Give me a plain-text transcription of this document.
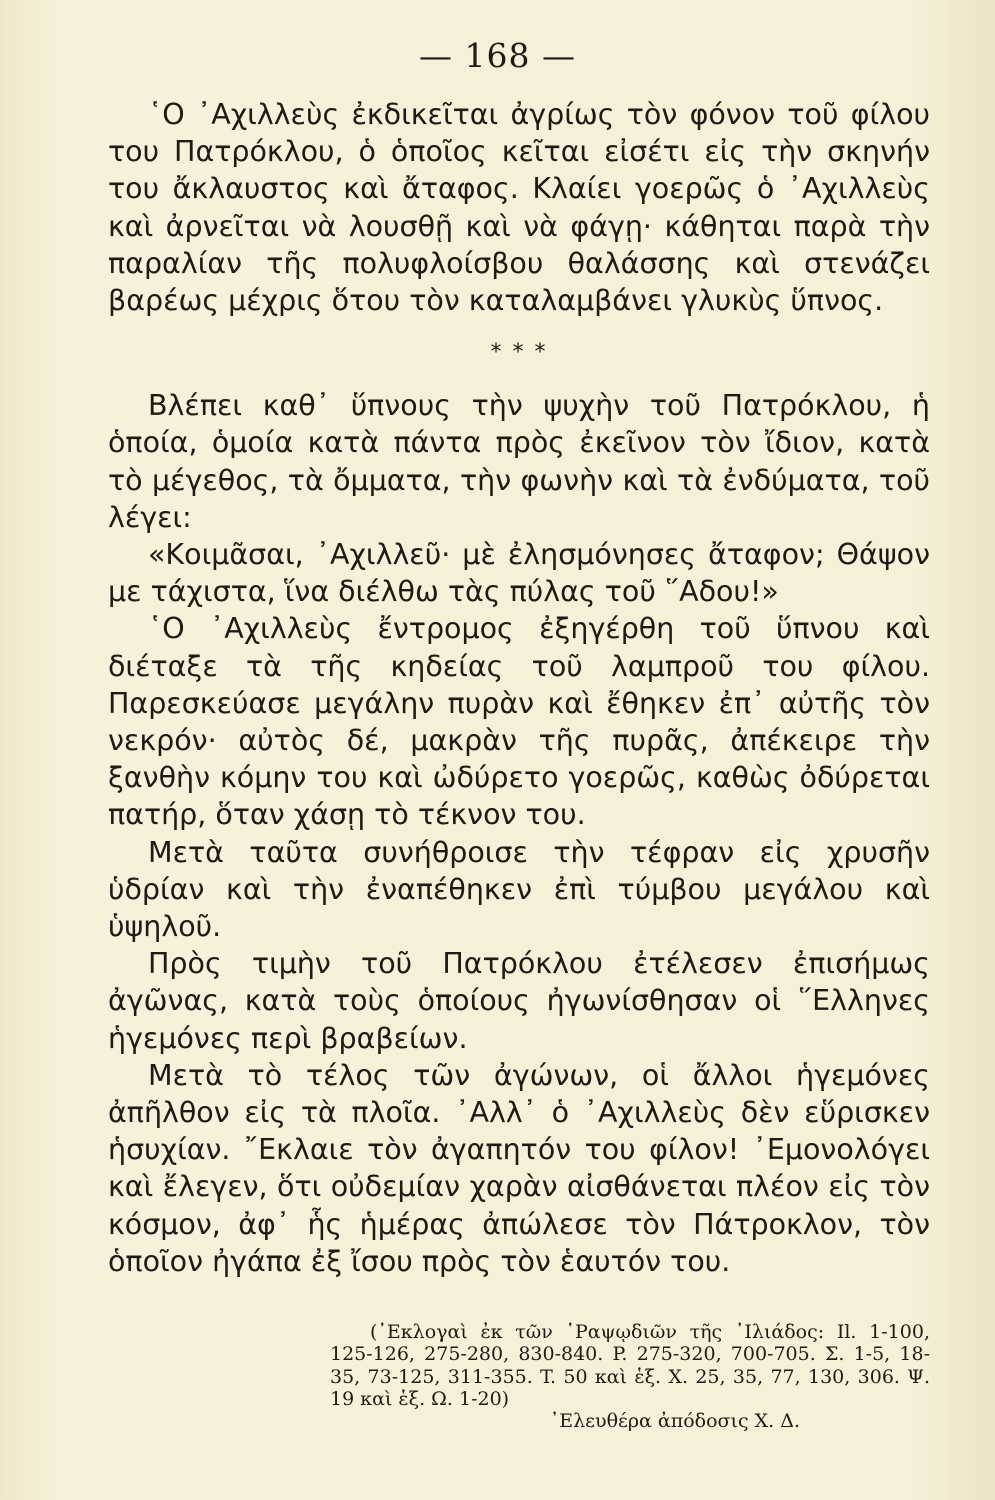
— 168 —

῾Ο ᾿Αχιλλεὺς ἐκδικεῖται ἀγρίως τὸν φόνον τοῦ φίλου του Πατρόκλου, ὁ ὁποῖος κεῖται εἰσέτι εἰς τὴν σκηνήν του ἄκλαυστος καὶ ἄταφος. Κλαίει γοερῶς ὁ ᾿Αχιλλεὺς καὶ ἀρνεῖται νὰ λουσθῇ καὶ νὰ φάγῃ· κάθηται παρὰ τὴν παραλίαν τῆς πολυφλοίσβου θαλάσσης καὶ στενάζει βαρέως μέχρις ὅτου τὸν καταλαμβάνει γλυκὺς ὕπνος.

* * *

Βλέπει καθ᾿ ὕπνους τὴν ψυχὴν τοῦ Πατρόκλου, ἡ ὁποία, ὁμοία κατὰ πάντα πρὸς ἐκεῖνον τὸν ἴδιον, κατὰ τὸ μέγεθος, τὰ ὄμματα, τὴν φωνὴν καὶ τὰ ἐνδύματα, τοῦ λέγει:

«Κοιμᾶσαι, ᾿Αχιλλεῦ· μὲ ἐλησμόνησες ἄταφον; Θάψον με τάχιστα, ἵνα διέλθω τὰς πύλας τοῦ ῞Αδου!»

῾Ο ᾿Αχιλλεὺς ἔντρομος ἐξηγέρθη τοῦ ὕπνου καὶ διέταξε τὰ τῆς κηδείας τοῦ λαμπροῦ του φίλου. Παρεσκεύασε μεγάλην πυρὰν καὶ ἔθηκεν ἐπ᾿ αὐτῆς τὸν νεκρόν· αὐτὸς δέ, μακρὰν τῆς πυρᾶς, ἀπέκειρε τὴν ξανθὴν κόμην του καὶ ὠδύρετο γοερῶς, καθὼς ὀδύρεται πατήρ, ὅταν χάσῃ τὸ τέκνον του.

Μετὰ ταῦτα συνήθροισε τὴν τέφραν εἰς χρυσῆν ὑδρίαν καὶ τὴν ἐναπέθηκεν ἐπὶ τύμβου μεγάλου καὶ ὑψηλοῦ.

Πρὸς τιμὴν τοῦ Πατρόκλου ἐτέλεσεν ἐπισήμως ἀγῶνας, κατὰ τοὺς ὁποίους ἠγωνίσθησαν οἱ ῞Ελληνες ἡγεμόνες περὶ βραβείων.

Μετὰ τὸ τέλος τῶν ἀγώνων, οἱ ἄλλοι ἡγεμόνες ἀπῆλθον εἰς τὰ πλοῖα. ᾿Αλλ᾿ ὁ ᾿Αχιλλεὺς δὲν εὕρισκεν ἡσυχίαν. ῎Εκλαιε τὸν ἀγαπητόν του φίλον! ᾿Εμονολόγει καὶ ἔλεγεν, ὅτι οὐδεμίαν χαρὰν αἰσθάνεται πλέον εἰς τὸν κόσμον, ἀφ᾿ ἧς ἡμέρας ἀπώλεσε τὸν Πάτροκλον, τὸν ὁποῖον ἠγάπα ἐξ ἴσου πρὸς τὸν ἑαυτόν του.

(᾿Εκλογαὶ ἐκ τῶν ῾Ραψῳδιῶν τῆς ᾿Ιλιάδος: Il. 1-100, 125-126, 275-280, 830-840. P. 275-320, 700-705. Σ. 1-5, 18-35, 73-125, 311-355. T. 50 καὶ ἑξ. X. 25, 35, 77, 130, 306. Ψ. 19 καὶ ἑξ. Ω. 1-20)

᾿Ελευθέρα ἀπόδοσις Χ. Δ.
